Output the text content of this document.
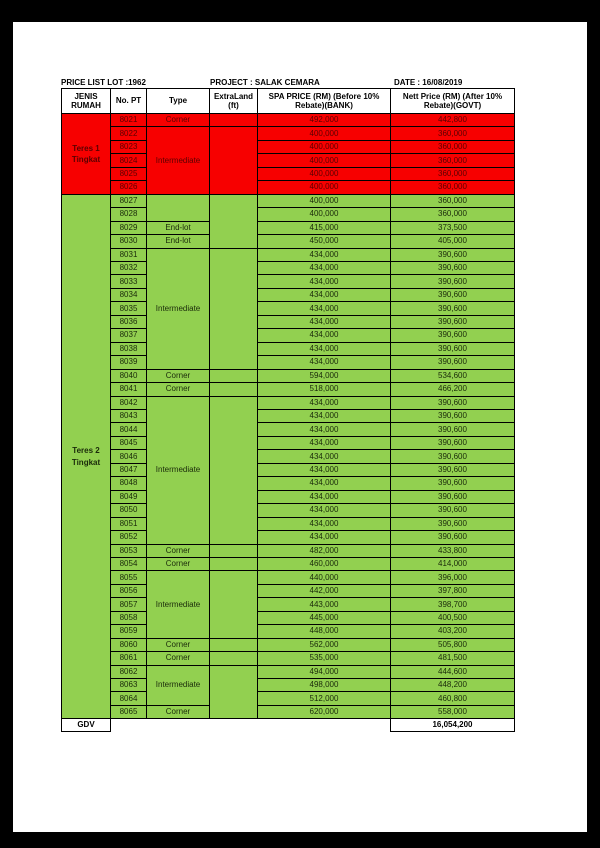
PRICE LIST LOT :1962	PROJECT : SALAK CEMARA	DATE : 16/08/2019
JENIS RUMAH	No. PT	Type	ExtraLand (ft)	SPA PRICE (RM) (Before 10% Rebate)(BANK)	Nett Price (RM) (After 10% Rebate)(GOVT)
Teres 1 Tingkat	8021	Corner		492,000	442,800
	8022	Intermediate		400,000	360,000
	8023			400,000	360,000
	8024			400,000	360,000
	8025			400,000	360,000
	8026			400,000	360,000
Teres 2 Tingkat	8027			400,000	360,000
	8028			400,000	360,000
	8029	End-lot		415,000	373,500
	8030	End-lot		450,000	405,000
	8031	Intermediate		434,000	390,600
	8032			434,000	390,600
	8033			434,000	390,600
	8034			434,000	390,600
	8035			434,000	390,600
	8036			434,000	390,600
	8037			434,000	390,600
	8038			434,000	390,600
	8039			434,000	390,600
	8040	Corner		594,000	534,600
	8041	Corner		518,000	466,200
	8042	Intermediate		434,000	390,600
	8043			434,000	390,600
	8044			434,000	390,600
	8045			434,000	390,600
	8046			434,000	390,600
	8047			434,000	390,600
	8048			434,000	390,600
	8049			434,000	390,600
	8050			434,000	390,600
	8051			434,000	390,600
	8052			434,000	390,600
	8053	Corner		482,000	433,800
	8054	Corner		460,000	414,000
	8055	Intermediate		440,000	396,000
	8056			442,000	397,800
	8057			443,000	398,700
	8058			445,000	400,500
	8059			448,000	403,200
	8060	Corner		562,000	505,800
	8061	Corner		535,000	481,500
	8062	Intermediate		494,000	444,600
	8063			498,000	448,200
	8064			512,000	460,800
	8065	Corner		620,000	558,000
GDV					16,054,200
